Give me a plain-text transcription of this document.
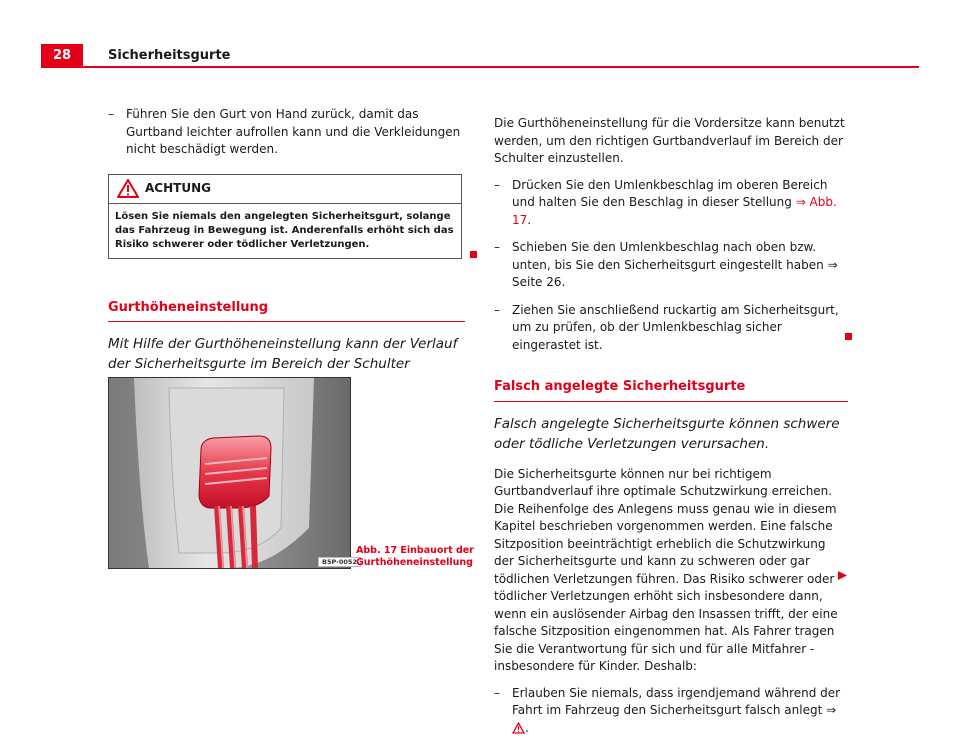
28	Sicherheitsgurte
– Führen Sie den Gurt von Hand zurück, damit das Gurtband leichter aufrollen kann und die Verkleidungen nicht beschädigt werden.
ACHTUNG
Lösen Sie niemals den angelegten Sicherheitsgurt, solange das Fahrzeug in Bewegung ist. Anderenfalls erhöht sich das Risiko schwerer oder tödlicher Verletzungen.
Gurthöheneinstellung
Mit Hilfe der Gurthöheneinstellung kann der Verlauf der Sicherheitsgurte im Bereich der Schulter
B5P-0052
Abb. 17 Einbauort der
Gurthöheneinstellung
Die Gurthöheneinstellung für die Vordersitze kann benutzt werden, um den richtigen Gurtbandverlauf im Bereich der Schulter einzustellen.
– Drücken Sie den Umlenkbeschlag im oberen Bereich und halten Sie den Beschlag in dieser Stellung ⇒ Abb. 17.
– Schieben Sie den Umlenkbeschlag nach oben bzw. unten, bis Sie den Sicherheitsgurt eingestellt haben ⇒ Seite 26.
– Ziehen Sie anschließend ruckartig am Sicherheitsgurt, um zu prüfen, ob der Umlenkbeschlag sicher eingerastet ist.
Falsch angelegte Sicherheitsgurte
Falsch angelegte Sicherheitsgurte können schwere oder tödliche Verletzungen verursachen.
Die Sicherheitsgurte können nur bei richtigem Gurtbandverlauf ihre optimale Schutzwirkung erreichen. Die Reihenfolge des Anlegens muss genau wie in diesem Kapitel beschrieben vorgenommen werden. Eine falsche Sitzposition beeinträchtigt erheblich die Schutzwirkung der Sicherheitsgurte und kann zu schweren oder gar tödlichen Verletzungen führen. Das Risiko schwerer oder tödlicher Verletzungen erhöht sich insbesondere dann, wenn ein auslösender Airbag den Insassen trifft, der eine falsche Sitzposition eingenommen hat. Als Fahrer tragen Sie die Verantwortung für sich und für alle Mitfahrer - insbesondere für Kinder. Deshalb:
– Erlauben Sie niemals, dass irgendjemand während der Fahrt im Fahrzeug den Sicherheitsgurt falsch anlegt ⇒ .
